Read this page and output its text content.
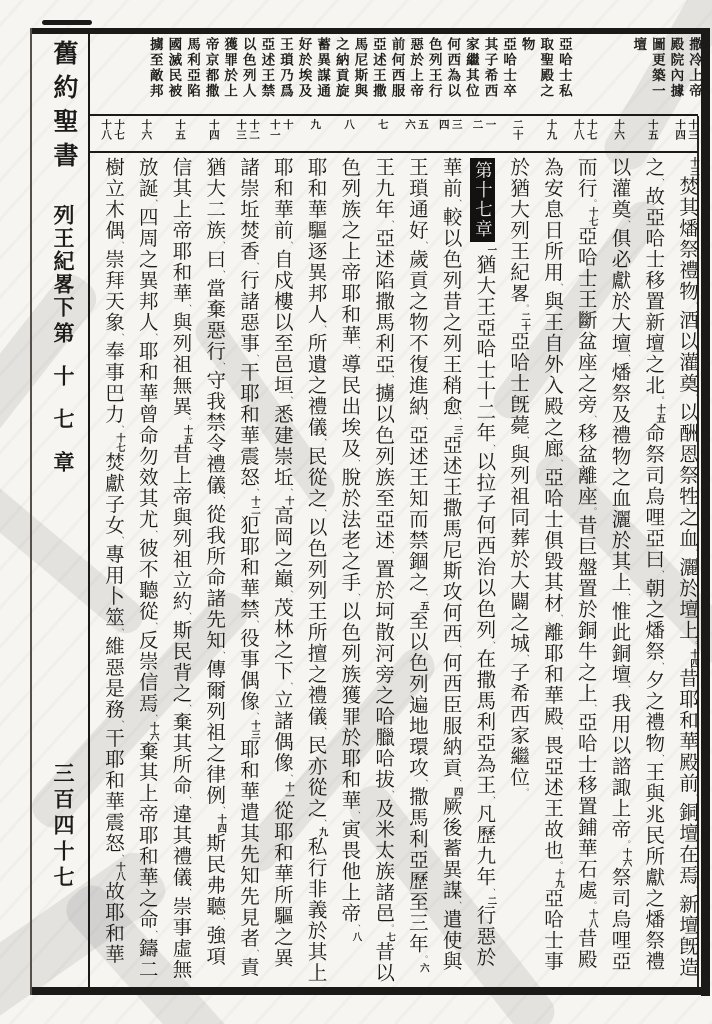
舊約聖書
列王紀畧下
第十七章
三百四十七
撒冷上帝
殿院內據
圖更築一
壇
亞哈士私
取聖殿之
物
亞哈士卒
其子希西
家繼其位
何西為以
色列王行
惡於上帝
前何西服
亞述王撒
馬尼斯與
之納貢旋
蓄異謀通
好於埃及
王瑣乃爲
亞述王禁
以色列人
獲罪於上
帝京都撒
馬利亞陷
國滅民被
擄至敵邦
十三
十四
十五
十六
十七
十八
十九
二十
一
二
三
四
五
六
七
八
九
十
十一
十二
十三
十四
十五
十六
十七
十八
十三焚其燔祭禮物、酒以灌奠、以酬恩祭牲之血、灑於壇上。十四昔耶和華殿前、銅壇在焉、新壇旣造
之、故亞哈士移置新壇之北。十五命祭司烏哩亞曰、朝之燔祭、夕之禮物、王與兆民所獻之燔祭禮
以灌奠、俱必獻於大壇、燔祭及禮物之血灑於其上、惟此銅壇、我用以諮諏上帝。十六祭司烏哩亞
而行。十七亞哈士王斷盆座之旁、移盆離座。昔巨盤置於銅牛之上、亞哈士移置鋪華石處。十八昔殿
為安息日所用、與王自外入殿之廊、亞哈士俱毀其材、離耶和華殿、畏亞述王故也。十九亞哈士事
於猶大列王紀畧。二十亞哈士旣薨、與列祖同葬於大闢之城、子希西家繼位。
第十七章一猶大王亞哈士十二年、以拉子何西治以色列、在撒馬利亞為王、凡歷九年、二行惡於
華前、較以色列昔之列王稍愈、三亞述王撒馬尼斯攻何西、何西臣服納貢、四厥後蓄異謀、遣使與
王瑣通好、歲貢之物不復進納、亞述王知而禁錮之、五至以色列遍地環攻、撒馬利亞歷至三年。六
王九年、亞述陷撒馬利亞、擄以色列族至亞述、置於坷散河旁之哈臘哈拔、及米太族諸邑。七昔以
色列族之上帝耶和華、導民出埃及、脫於法老之手、以色列族獲罪於耶和華、寅畏他上帝、八
耶和華驅逐異邦人、所遺之禮儀、民從之、以色列列王所擅之禮儀、民亦從之、九私行非義於其上
耶和華前、自戍樓以至邑垣、悉建崇坵、十高岡之巔、茂林之下、立諸偶像、十一從耶和華所驅之異
諸崇坵焚香、行諸惡事、干耶和華震怒、十二犯耶和華禁、役事偶像、十三耶和華遣其先知先見者、責
猶大二族、曰、當棄惡行、守我禁令禮儀、從我所命諸先知、傳爾列祖之律例、十四斯民弗聽、強項
信其上帝耶和華、與列祖無異。十五昔上帝與列祖立約、斯民背之、棄其所命、違其禮儀、崇事虛無
放誕、四周之異邦人、耶和華曾命勿效其尤、彼不聽從、反崇信焉、十六棄其上帝耶和華之命、鑄二
樹立木偶、崇拜天象、奉事巴力、十七焚獻子女、專用卜筮、維惡是務、干耶和華震怒、十八故耶和華
